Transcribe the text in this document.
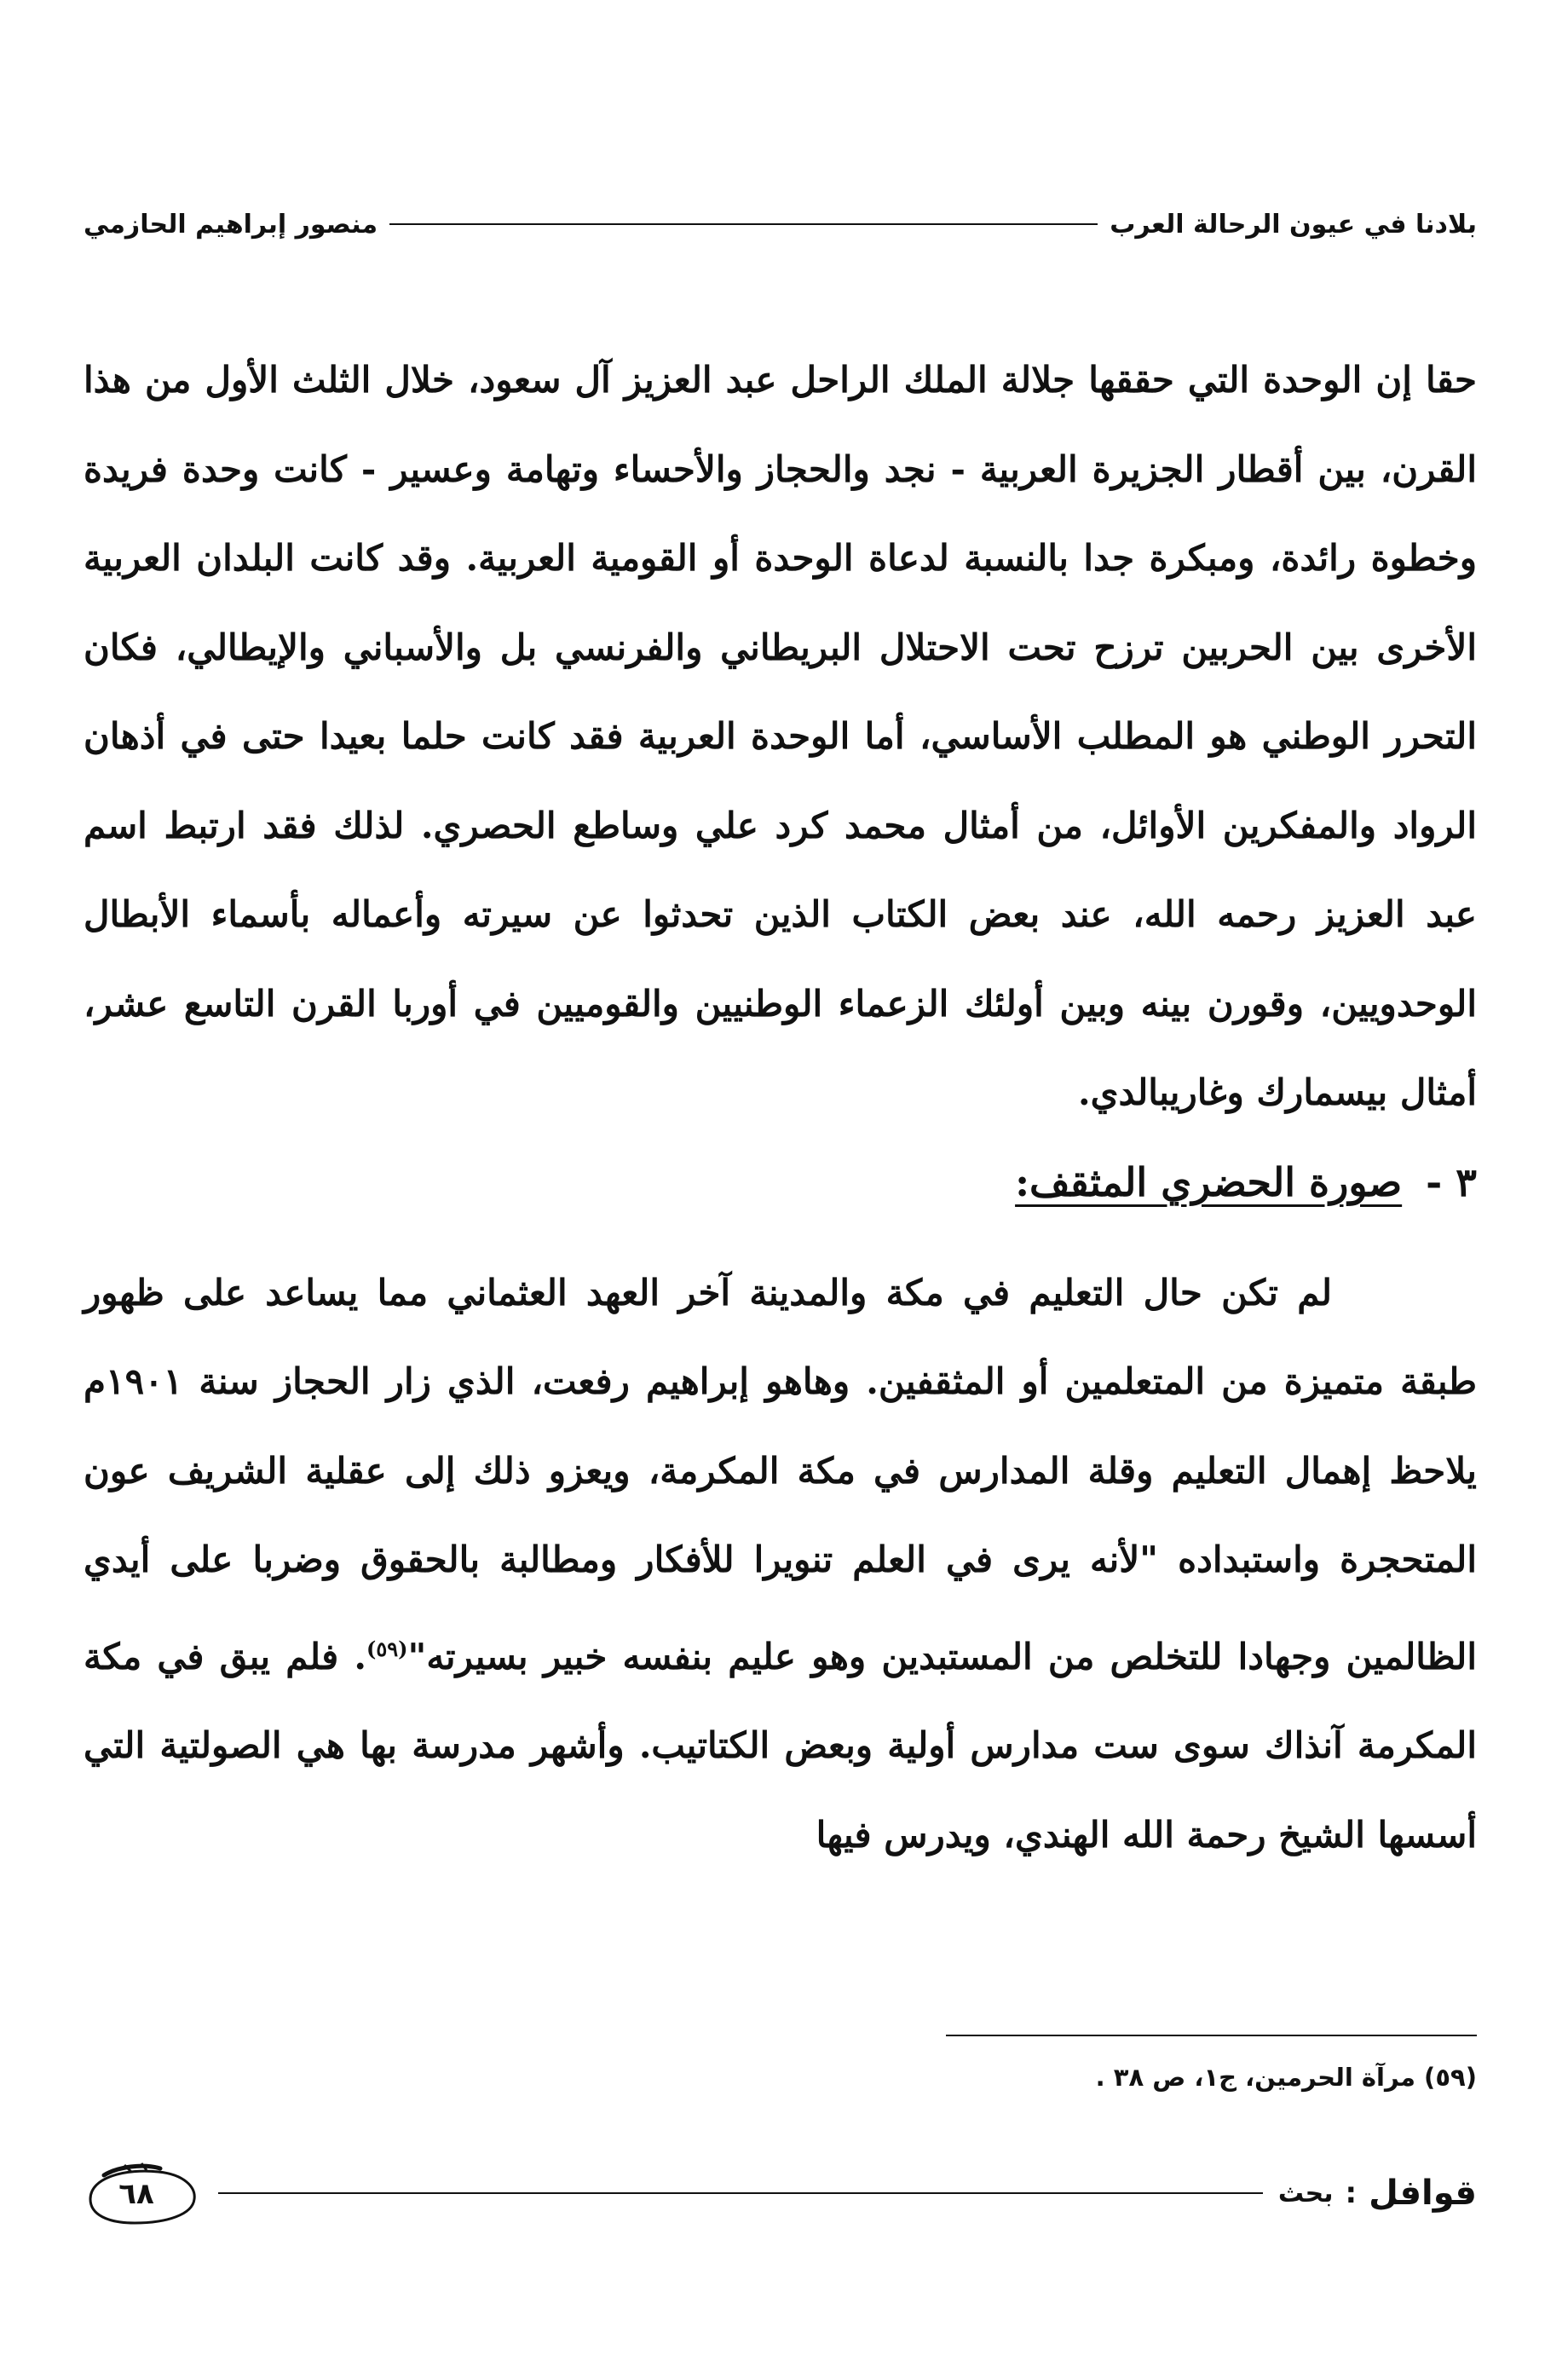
بلادنا في عيون الرحالة العرب
منصور إبراهيم الحازمي

حقا إن الوحدة التي حققها جلالة الملك الراحل عبد العزيز آل سعود، خلال الثلث الأول من هذا القرن، بين أقطار الجزيرة العربية - نجد والحجاز والأحساء وتهامة وعسير - كانت وحدة فريدة وخطوة رائدة، ومبكرة جدا بالنسبة لدعاة الوحدة أو القومية العربية. وقد كانت البلدان العربية الأخرى بين الحربين ترزح تحت الاحتلال البريطاني والفرنسي بل والأسباني والإيطالي، فكان التحرر الوطني هو المطلب الأساسي، أما الوحدة العربية فقد كانت حلما بعيدا حتى في أذهان الرواد والمفكرين الأوائل، من أمثال محمد كرد علي وساطع الحصري. لذلك فقد ارتبط اسم عبد العزيز رحمه الله، عند بعض الكتاب الذين تحدثوا عن سيرته وأعماله بأسماء الأبطال الوحدويين، وقورن بينه وبين أولئك الزعماء الوطنيين والقوميين في أوربا القرن التاسع عشر، أمثال بيسمارك وغاريبالدي.

٣ - صورة الحضري المثقف:

لم تكن حال التعليم في مكة والمدينة آخر العهد العثماني مما يساعد على ظهور طبقة متميزة من المتعلمين أو المثقفين. وهاهو إبراهيم رفعت، الذي زار الحجاز سنة ١٩٠١م يلاحظ إهمال التعليم وقلة المدارس في مكة المكرمة، ويعزو ذلك إلى عقلية الشريف عون المتحجرة واستبداده "لأنه يرى في العلم تنويرا للأفكار ومطالبة بالحقوق وضربا على أيدي الظالمين وجهادا للتخلص من المستبدين وهو عليم بنفسه خبير بسيرته"$^{(٥٩)}$. فلم يبق في مكة المكرمة آنذاك سوى ست مدارس أولية وبعض الكتاتيب. وأشهر مدرسة بها هي الصولتية التي أسسها الشيخ رحمة الله الهندي، ويدرس فيها

(٥٩) مرآة الحرمين، ج١، ص ٣٨ .
قوافل
:
بحث
٦٨
